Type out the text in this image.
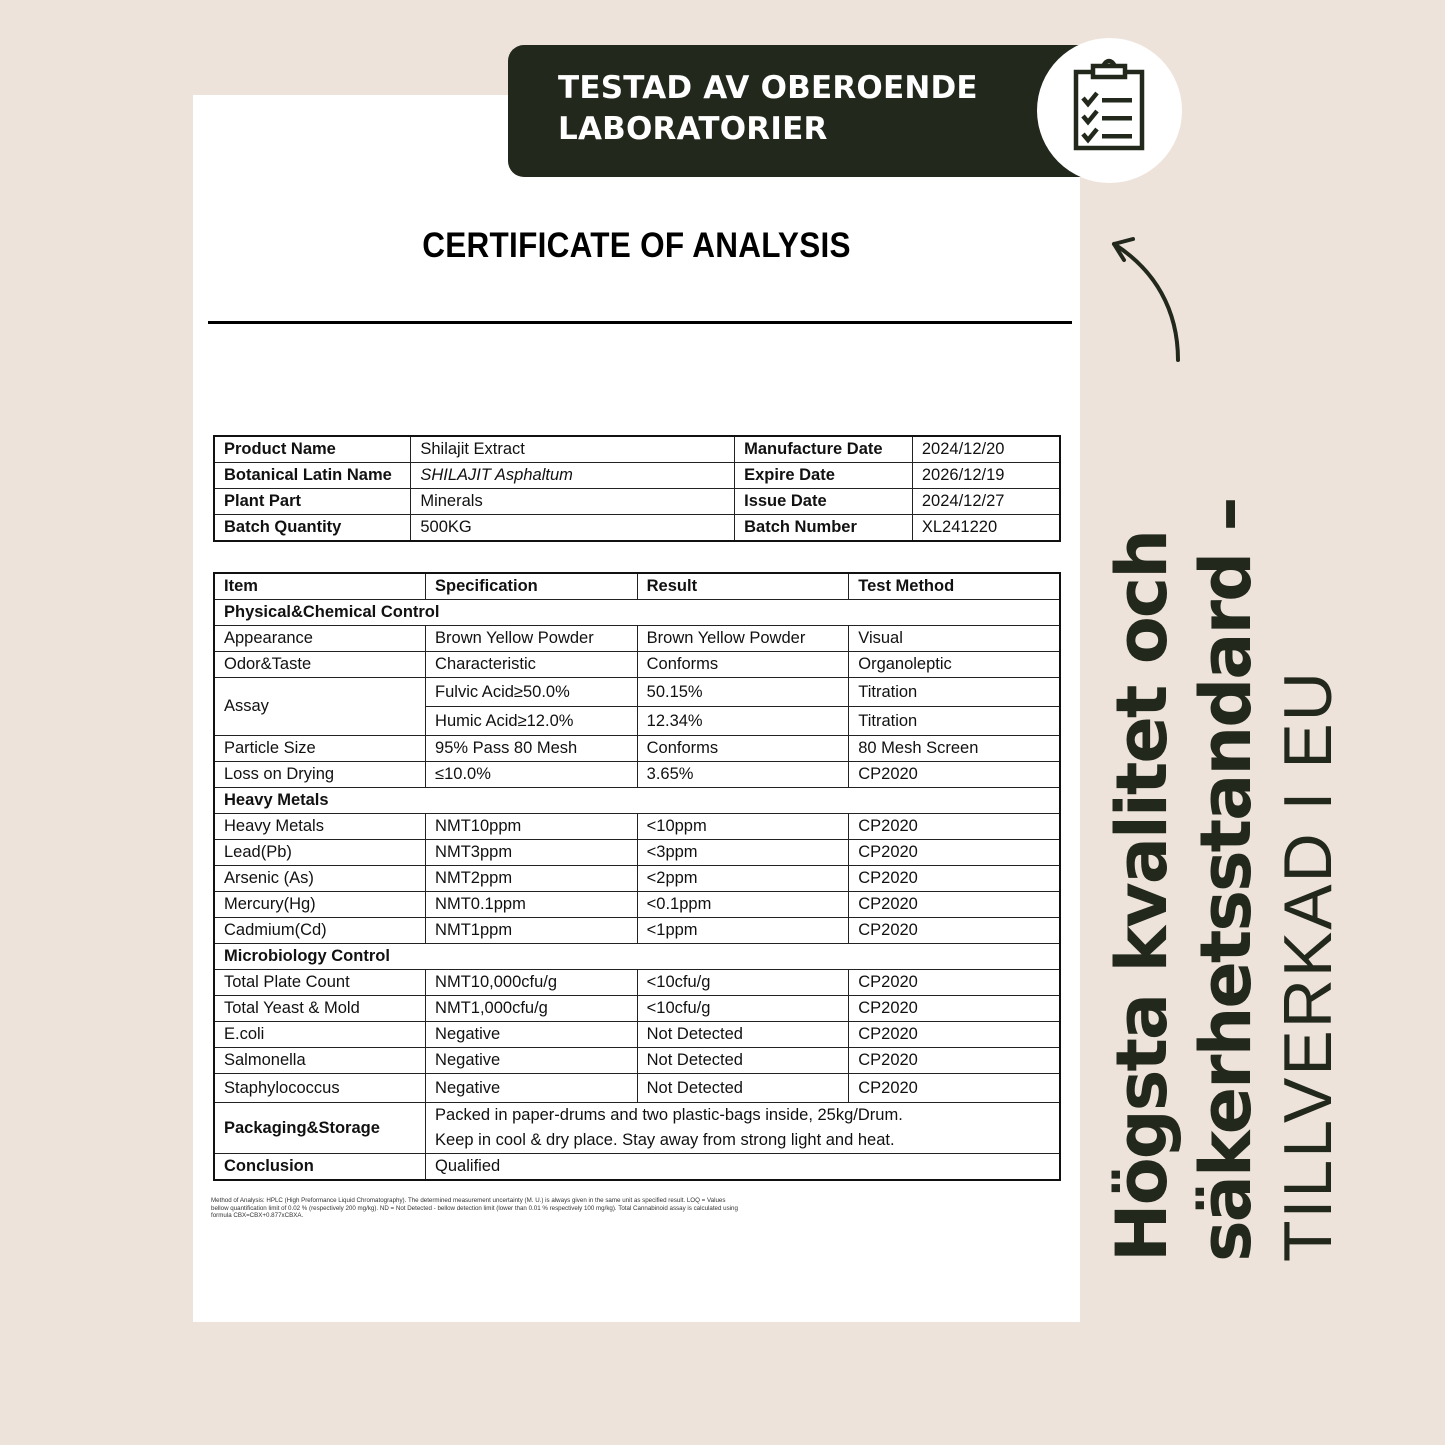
TESTAD AV OBEROENDE
LABORATORIER
CERTIFICATE OF ANALYSIS
Product Name	Shilajit Extract	Manufacture Date	2024/12/20
Botanical Latin Name	SHILAJIT Asphaltum	Expire Date	2026/12/19
Plant Part	Minerals	Issue Date	2024/12/27
Batch Quantity	500KG	Batch Number	XL241220
Item	Specification	Result	Test Method
Physical&Chemical Control			
Appearance	Brown Yellow Powder	Brown Yellow Powder	Visual
Odor&Taste	Characteristic	Conforms	Organoleptic
Assay	Fulvic Acid≥50.0%	50.15%	Titration
	Humic Acid≥12.0%	12.34%	Titration
Particle Size	95% Pass 80 Mesh	Conforms	80 Mesh Screen
Loss on Drying	≤10.0%	3.65%	CP2020
Heavy Metals			
Heavy Metals	NMT10ppm	<10ppm	CP2020
Lead(Pb)	NMT3ppm	<3ppm	CP2020
Arsenic (As)	NMT2ppm	<2ppm	CP2020
Mercury(Hg)	NMT0.1ppm	<0.1ppm	CP2020
Cadmium(Cd)	NMT1ppm	<1ppm	CP2020
Microbiology Control			
Total Plate Count	NMT10,000cfu/g	<10cfu/g	CP2020
Total Yeast & Mold	NMT1,000cfu/g	<10cfu/g	CP2020
E.coli	Negative	Not Detected	CP2020
Salmonella	Negative	Not Detected	CP2020
Staphylococcus	Negative	Not Detected	CP2020
Packaging&Storage	Packed in paper-drums and two plastic-bags inside, 25kg/Drum.
Keep in cool & dry place. Stay away from strong light and heat.		

Conclusion	Qualified		
Method of Analysis: HPLC (High Preformance Liquid Chromatography). The determined measurement uncertainty (M. U.) is always given in the same unit as specified result. LOQ = Values bellow quantification limit of 0.02 % (respectively 200 mg/kg). ND = Not Detected - bellow detection limit (lower than 0.01 % respectively 100 mg/kg). Total Cannabinoid assay is calculated using formula CBX=CBX+0.877xCBXA.	Högsta kvalitet och säkerhetsstandard – TILLVERKAD I EU
